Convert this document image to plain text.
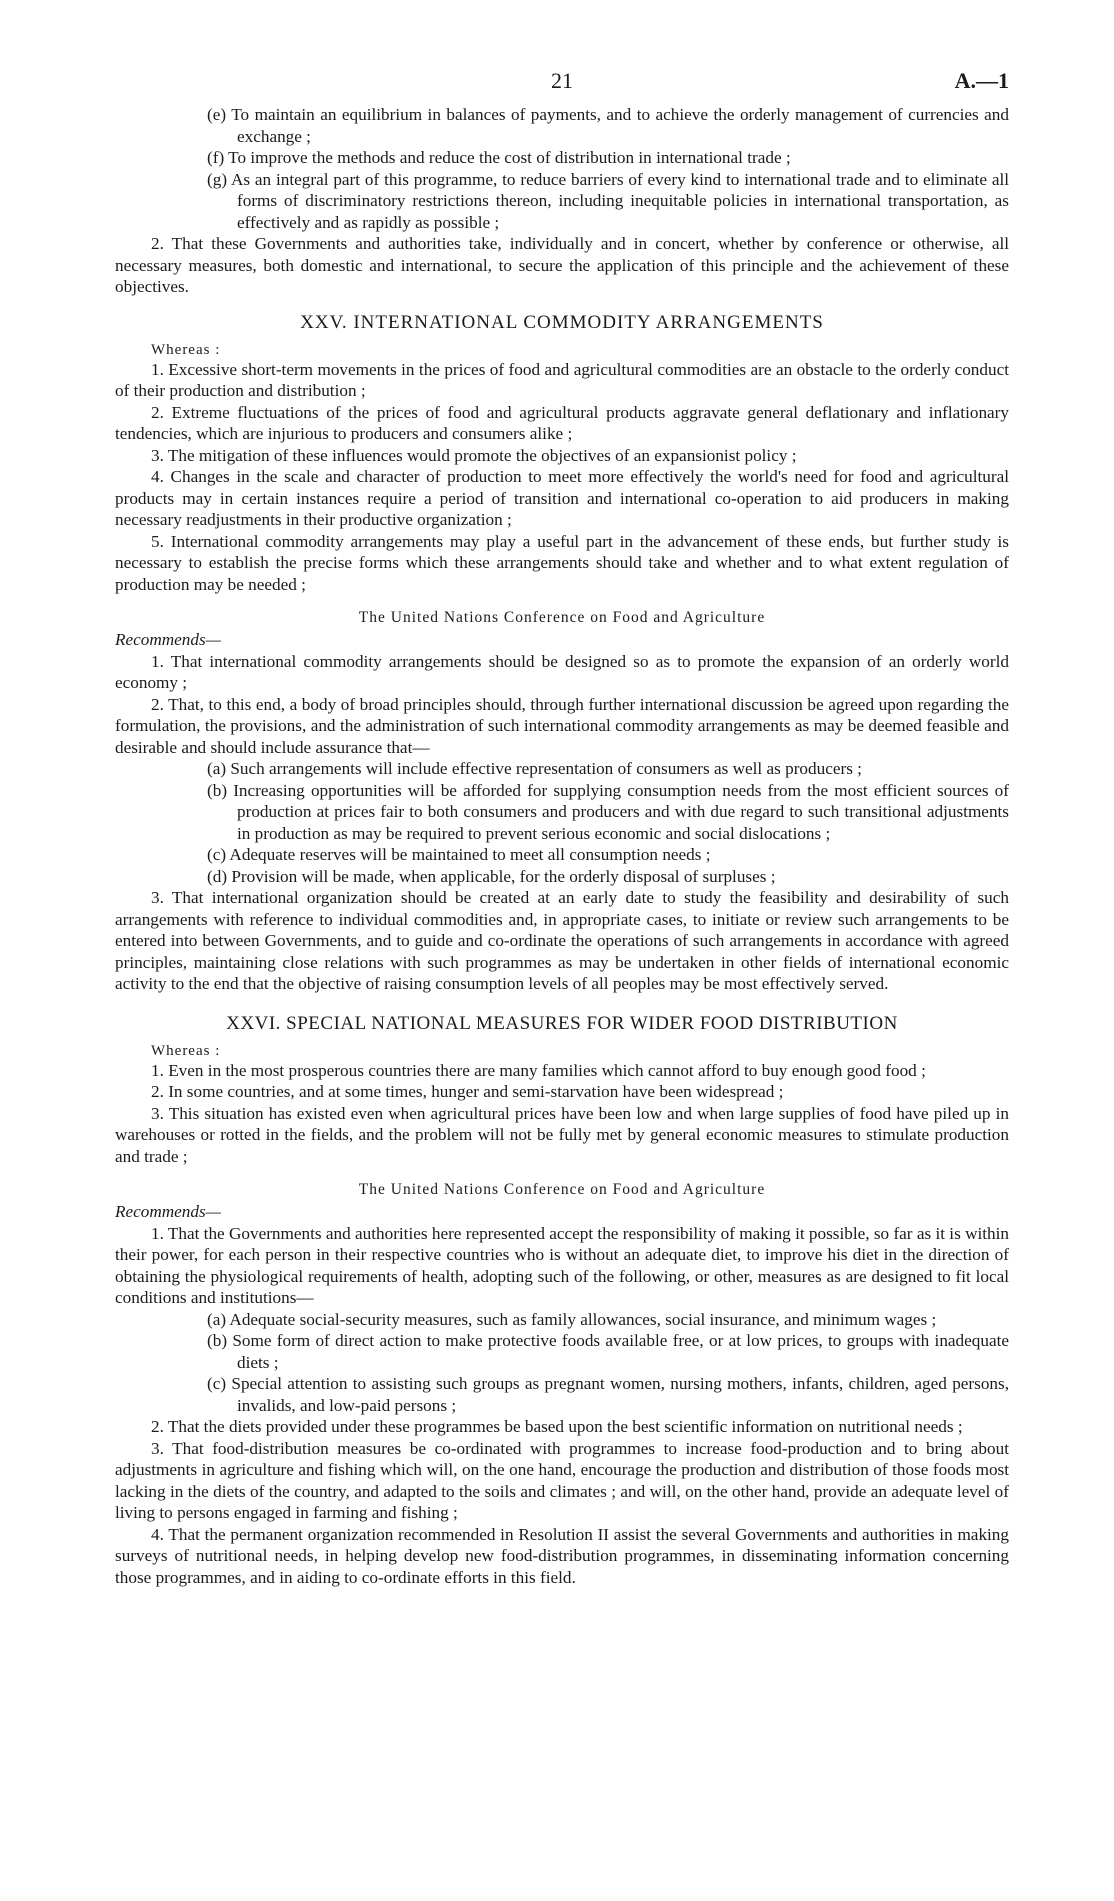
21	A.—1

(e) To maintain an equilibrium in balances of payments, and to achieve the orderly management of currencies and exchange ;

(f) To improve the methods and reduce the cost of distribution in international trade ;

(g) As an integral part of this programme, to reduce barriers of every kind to international trade and to eliminate all forms of discriminatory restrictions thereon, including inequitable policies in international transportation, as effectively and as rapidly as possible ;

2. That these Governments and authorities take, individually and in concert, whether by conference or otherwise, all necessary measures, both domestic and international, to secure the application of this principle and the achievement of these objectives.

XXV. INTERNATIONAL COMMODITY ARRANGEMENTS
Whereas :

1. Excessive short-term movements in the prices of food and agricultural commodities are an obstacle to the orderly conduct of their production and distribution ;

2. Extreme fluctuations of the prices of food and agricultural products aggravate general deflationary and inflationary tendencies, which are injurious to producers and consumers alike ;

3. The mitigation of these influences would promote the objectives of an expansionist policy ;

4. Changes in the scale and character of production to meet more effectively the world's need for food and agricultural products may in certain instances require a period of transition and international co-operation to aid producers in making necessary readjustments in their productive organization ;

5. International commodity arrangements may play a useful part in the advancement of these ends, but further study is necessary to establish the precise forms which these arrangements should take and whether and to what extent regulation of production may be needed ;

The United Nations Conference on Food and Agriculture

Recommends—

1. That international commodity arrangements should be designed so as to promote the expansion of an orderly world economy ;

2. That, to this end, a body of broad principles should, through further international discussion be agreed upon regarding the formulation, the provisions, and the administration of such international commodity arrangements as may be deemed feasible and desirable and should include assurance that—

(a) Such arrangements will include effective representation of consumers as well as producers ;

(b) Increasing opportunities will be afforded for supplying consumption needs from the most efficient sources of production at prices fair to both consumers and producers and with due regard to such transitional adjustments in production as may be required to prevent serious economic and social dislocations ;

(c) Adequate reserves will be maintained to meet all consumption needs ;

(d) Provision will be made, when applicable, for the orderly disposal of surpluses ;

3. That international organization should be created at an early date to study the feasibility and desirability of such arrangements with reference to individual commodities and, in appropriate cases, to initiate or review such arrangements to be entered into between Governments, and to guide and co-ordinate the operations of such arrangements in accordance with agreed principles, maintaining close relations with such programmes as may be undertaken in other fields of international economic activity to the end that the objective of raising consumption levels of all peoples may be most effectively served.

XXVI. SPECIAL NATIONAL MEASURES FOR WIDER FOOD DISTRIBUTION
Whereas :

1. Even in the most prosperous countries there are many families which cannot afford to buy enough good food ;

2. In some countries, and at some times, hunger and semi-starvation have been widespread ;

3. This situation has existed even when agricultural prices have been low and when large supplies of food have piled up in warehouses or rotted in the fields, and the problem will not be fully met by general economic measures to stimulate production and trade ;

The United Nations Conference on Food and Agriculture

Recommends—

1. That the Governments and authorities here represented accept the responsibility of making it possible, so far as it is within their power, for each person in their respective countries who is without an adequate diet, to improve his diet in the direction of obtaining the physiological requirements of health, adopting such of the following, or other, measures as are designed to fit local conditions and institutions—

(a) Adequate social-security measures, such as family allowances, social insurance, and minimum wages ;

(b) Some form of direct action to make protective foods available free, or at low prices, to groups with inadequate diets ;

(c) Special attention to assisting such groups as pregnant women, nursing mothers, infants, children, aged persons, invalids, and low-paid persons ;

2. That the diets provided under these programmes be based upon the best scientific information on nutritional needs ;

3. That food-distribution measures be co-ordinated with programmes to increase food-production and to bring about adjustments in agriculture and fishing which will, on the one hand, encourage the production and distribution of those foods most lacking in the diets of the country, and adapted to the soils and climates ; and will, on the other hand, provide an adequate level of living to persons engaged in farming and fishing ;

4. That the permanent organization recommended in Resolution II assist the several Governments and authorities in making surveys of nutritional needs, in helping develop new food-distribution programmes, in disseminating information concerning those programmes, and in aiding to co-ordinate efforts in this field.
